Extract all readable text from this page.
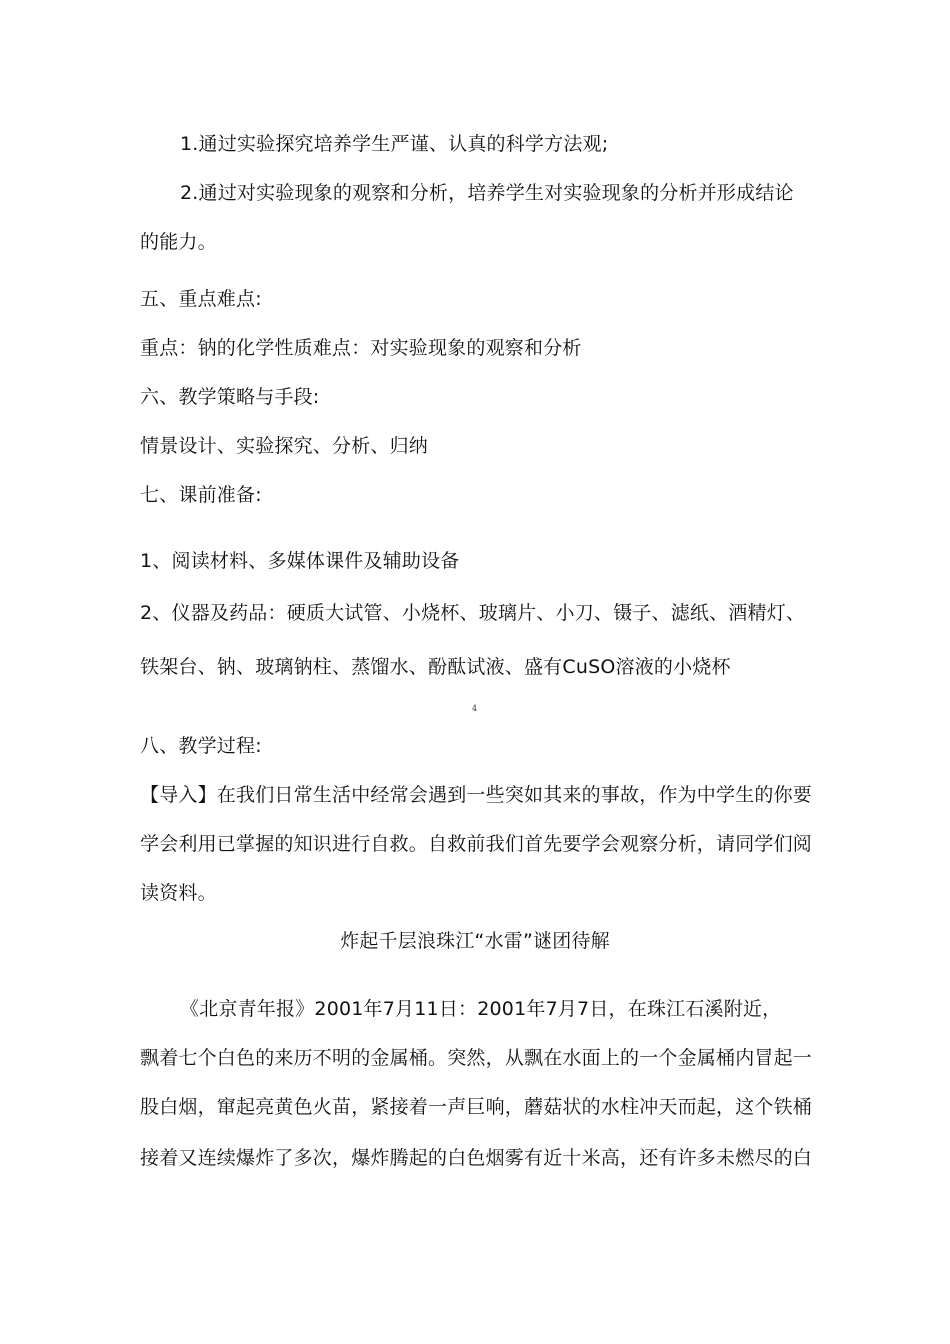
1.通过实验探究培养学生严谨、认真的科学方法观;
2.通过对实验现象的观察和分析，培养学生对实验现象的分析并形成结论
的能力。
五、重点难点:
重点：钠的化学性质难点：对实验现象的观察和分析
六、教学策略与手段:
情景设计、实验探究、分析、归纳
七、课前准备:
1、阅读材料、多媒体课件及辅助设备
2、仪器及药品：硬质大试管、小烧杯、玻璃片、小刀、镊子、滤纸、酒精灯、
铁架台、钠、玻璃钠柱、蒸馏水、酚酞试液、盛有CuSO溶液的小烧杯
4
八、教学过程:
【导入】在我们日常生活中经常会遇到一些突如其来的事故，作为中学生的你要
学会利用已掌握的知识进行自救。自救前我们首先要学会观察分析，请同学们阅
读资料。
炸起千层浪珠江“水雷”谜团待解
《北京青年报》2001年7月11日：2001年7月7日，在珠江石溪附近，
飘着七个白色的来历不明的金属桶。突然，从飘在水面上的一个金属桶内冒起一
股白烟，窜起亮黄色火苗，紧接着一声巨响，蘑菇状的水柱冲天而起，这个铁桶
接着又连续爆炸了多次，爆炸腾起的白色烟雾有近十米高，还有许多未燃尽的白
